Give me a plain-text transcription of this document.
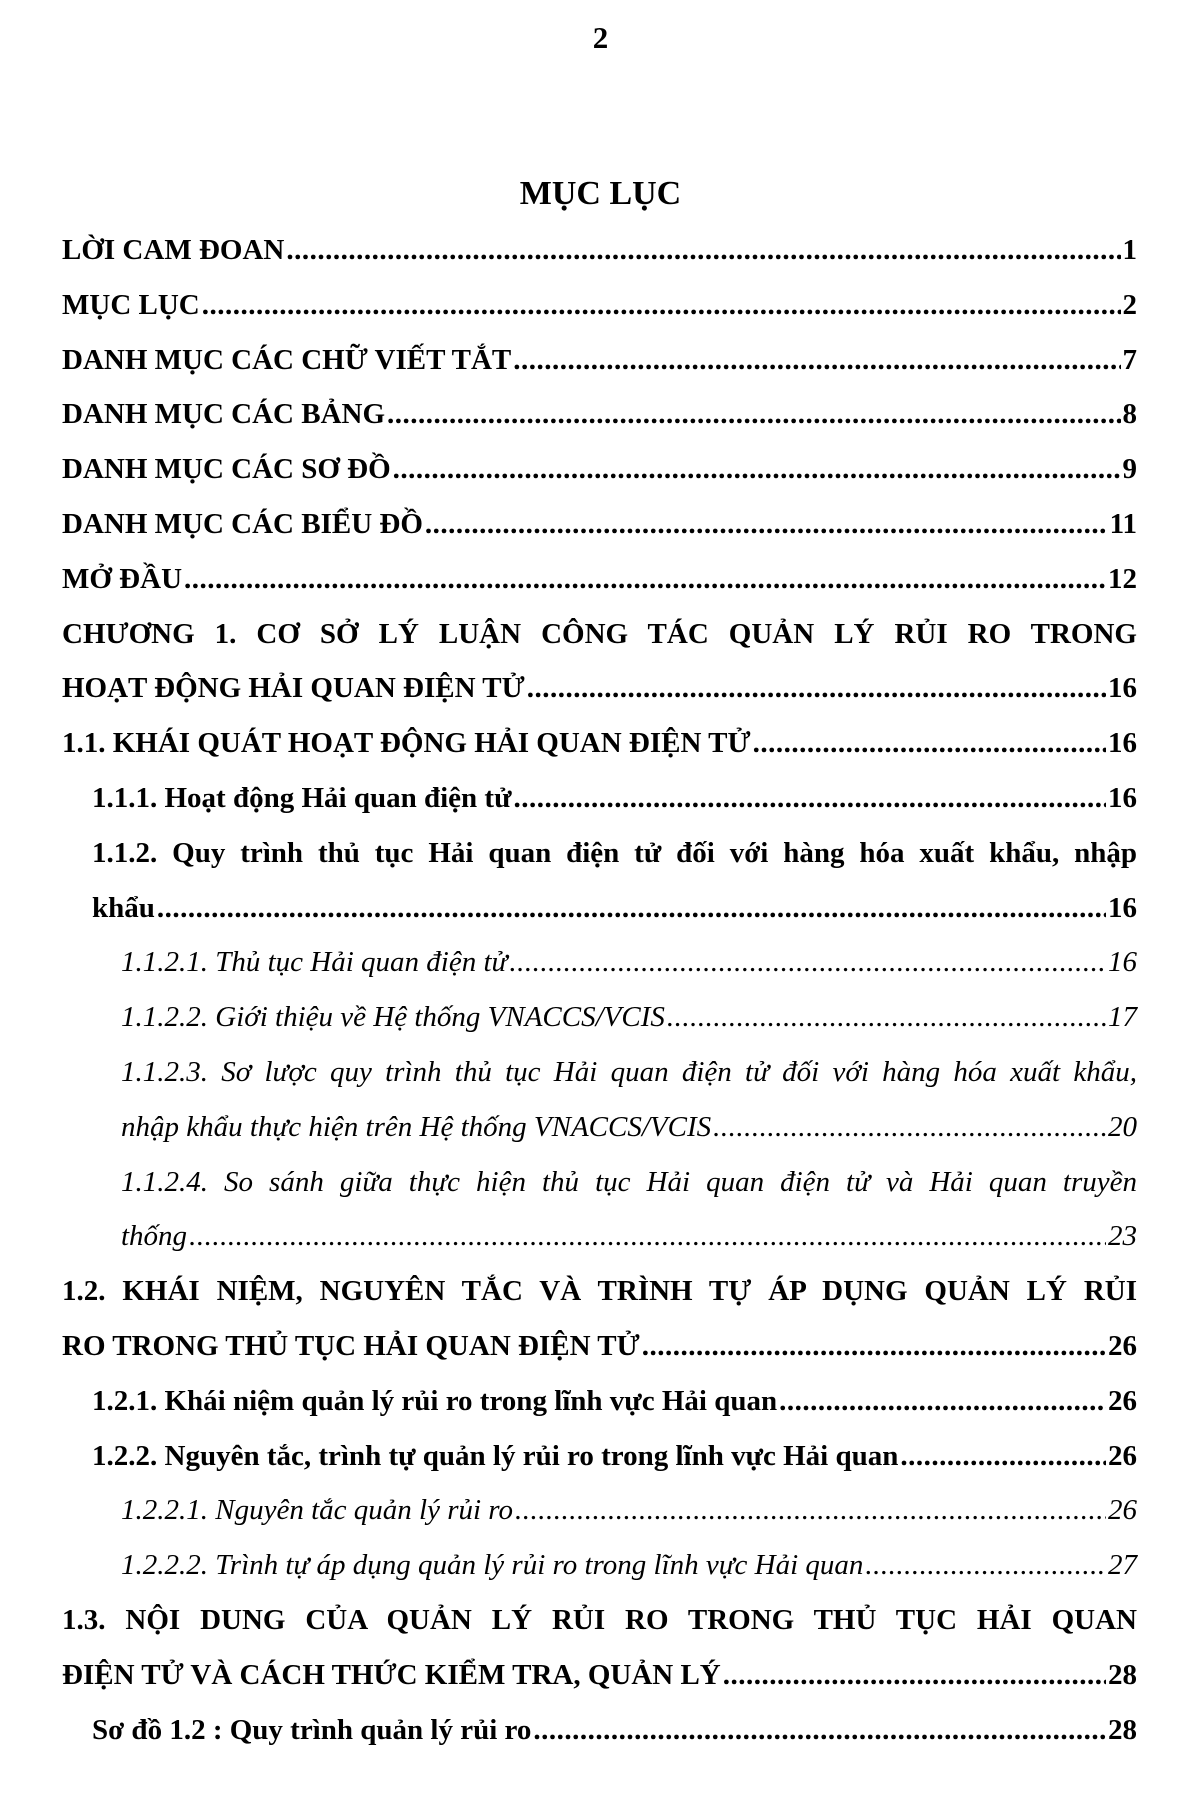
2
MỤC LỤC
LỜI CAM ĐOAN .....	1
MỤC LỤC .....	2
DANH MỤC CÁC CHỮ VIẾT TẮT .....	7
DANH MỤC CÁC BẢNG .....	8
DANH MỤC CÁC SƠ ĐỒ .....	9
DANH MỤC CÁC BIỂU ĐỒ .....	11
MỞ ĐẦU .....	12
CHƯƠNG 1. CƠ SỞ LÝ LUẬN CÔNG TÁC QUẢN LÝ RỦI RO TRONG
HOẠT ĐỘNG HẢI QUAN ĐIỆN TỬ .....	16
1.1. KHÁI QUÁT HOẠT ĐỘNG HẢI QUAN ĐIỆN TỬ .....	16
1.1.1. Hoạt động Hải quan điện tử .....	16
1.1.2. Quy trình thủ tục Hải quan điện tử đối với hàng hóa xuất khẩu, nhập
khẩu .....	16
1.1.2.1. Thủ tục Hải quan điện tử .....	16
1.1.2.2. Giới thiệu về Hệ thống VNACCS/VCIS .....	17
1.1.2.3. Sơ lược quy trình thủ tục Hải quan điện tử đối với hàng hóa xuất khẩu,
nhập khẩu thực hiện trên Hệ thống VNACCS/VCIS .....	20
1.1.2.4. So sánh giữa thực hiện thủ tục Hải quan điện tử và Hải quan truyền
thống .....	23
1.2. KHÁI NIỆM, NGUYÊN TẮC VÀ TRÌNH TỰ ÁP DỤNG QUẢN LÝ RỦI
RO TRONG THỦ TỤC HẢI QUAN ĐIỆN TỬ .....	26
1.2.1. Khái niệm quản lý rủi ro trong lĩnh vực Hải quan .....	26
1.2.2. Nguyên tắc, trình tự quản lý rủi ro trong lĩnh vực Hải quan .....	26
1.2.2.1. Nguyên tắc quản lý rủi ro .....	26
1.2.2.2. Trình tự áp dụng quản lý rủi ro trong lĩnh vực Hải quan .....	27
1.3. NỘI DUNG CỦA QUẢN LÝ RỦI RO TRONG THỦ TỤC HẢI QUAN
ĐIỆN TỬ VÀ CÁCH THỨC KIỂM TRA, QUẢN LÝ .....	28
Sơ đồ 1.2 : Quy trình quản lý rủi ro .....	28
